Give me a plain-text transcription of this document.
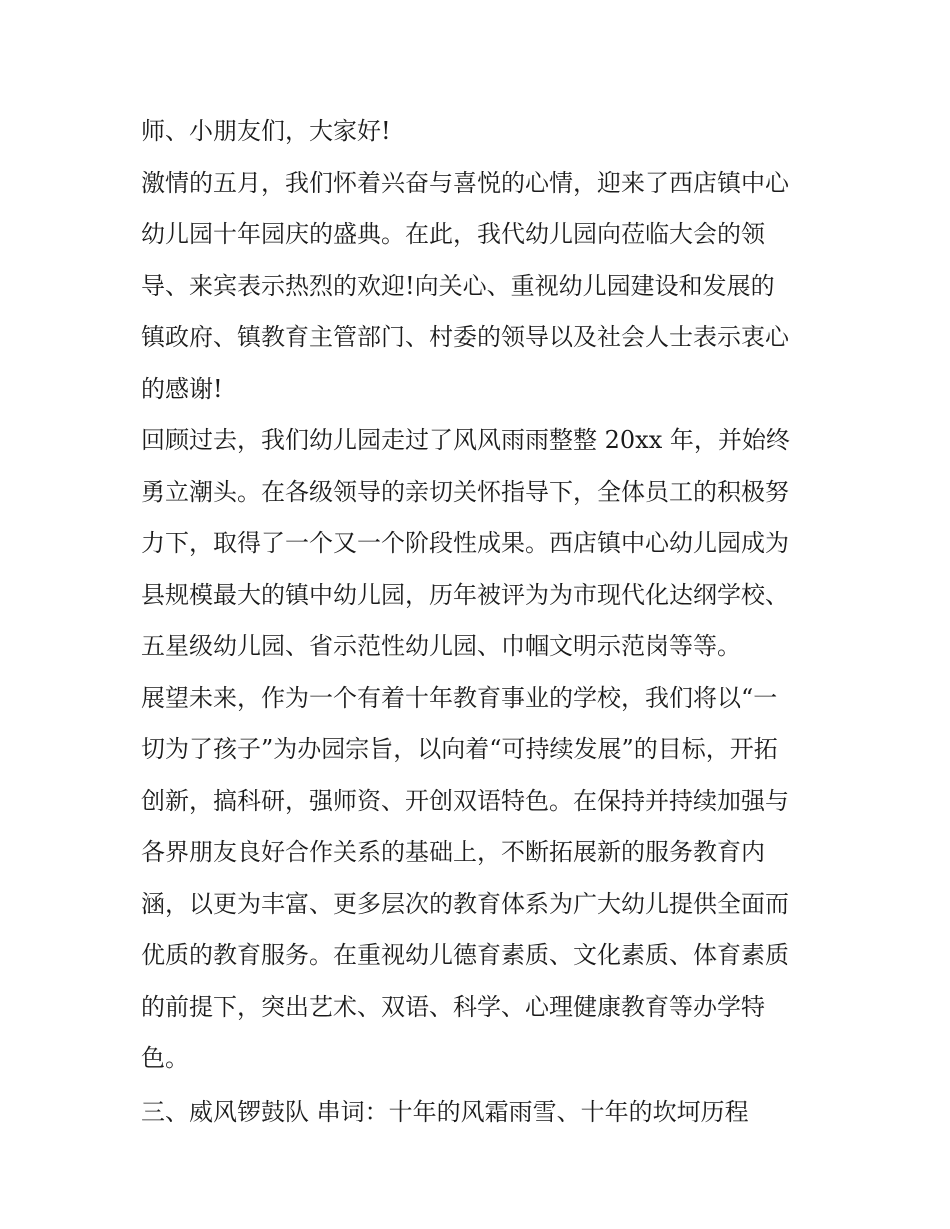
师、小朋友们，大家好!
激情的五月，我们怀着兴奋与喜悦的心情，迎来了西店镇中心
幼儿园十年园庆的盛典。在此，我代幼儿园向莅临大会的领
导、来宾表示热烈的欢迎!向关心、重视幼儿园建设和发展的
镇政府、镇教育主管部门、村委的领导以及社会人士表示衷心
的感谢!
回顾过去，我们幼儿园走过了风风雨雨整整 20xx 年，并始终
勇立潮头。在各级领导的亲切关怀指导下，全体员工的积极努
力下，取得了一个又一个阶段性成果。西店镇中心幼儿园成为
县规模最大的镇中幼儿园，历年被评为为市现代化达纲学校、
五星级幼儿园、省示范性幼儿园、巾帼文明示范岗等等。
展望未来，作为一个有着十年教育事业的学校，我们将以“一
切为了孩子”为办园宗旨，以向着“可持续发展”的目标，开拓
创新，搞科研，强师资、开创双语特色。在保持并持续加强与
各界朋友良好合作关系的基础上，不断拓展新的服务教育内
涵，以更为丰富、更多层次的教育体系为广大幼儿提供全面而
优质的教育服务。在重视幼儿德育素质、文化素质、体育素质
的前提下，突出艺术、双语、科学、心理健康教育等办学特
色。
三、威风锣鼓队 串词：十年的风霜雨雪、十年的坎坷历程
